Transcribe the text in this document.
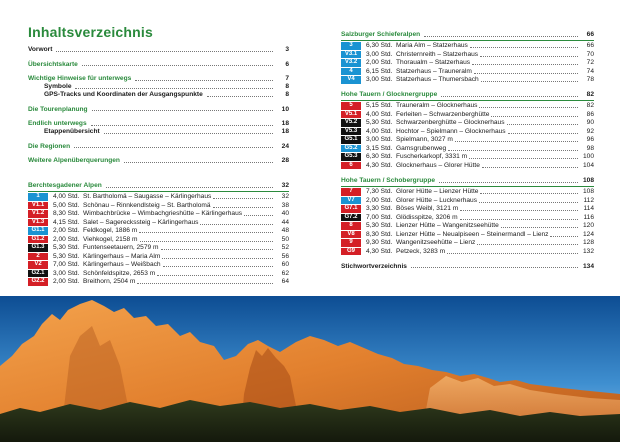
Inhaltsverzeichnis
Vorwort	3
Übersichtskarte	6
Wichtige Hinweise für unterwegs	7
Symbole	8
GPS-Tracks und Koordinaten der Ausgangspunkte	8
Die Tourenplanung	10
Endlich unterwegs	18
Etappenübersicht	18
Die Regionen	24
Weitere Alpenüberquerungen	28
Berchtesgadener Alpen	32
1	4,00 Std. St. Bartholomä – Saugasse – Kärlingerhaus	32
V1.1	5,00 Std. Schönau – Rinnkendlsteig – St. Bartholomä	38
V1.2	8,30 Std. Wimbachbrücke – Wimbachgrieshütte – Kärlingerhaus	40
V1.3	4,15 Std. Salet – Sagereckssteig – Kärlingerhaus	44
G1.1	2,00 Std. Feldkogel, 1886 m	48
G1.2	2,00 Std. Viehkogel, 2158 m	50
G1.3	5,30 Std. Funtenseetauern, 2579 m	52
2	5,30 Std. Kärlingerhaus – Maria Alm	56
V2	7,00 Std. Kärlingerhaus – Weißbach	60
G2.1	3,00 Std. Schönfeldspitze, 2653 m	62
G2.2	2,00 Std. Breithorn, 2504 m	64
Salzburger Schieferalpen	66
3	6,30 Std. Maria Alm – Statzerhaus	66
V3.1	3,00 Std. Christernreith – Statzerhaus	70
V3.2	2,00 Std. Thoraualm – Statzerhaus	72
4	6,15 Std. Statzerhaus – Trauneralm	74
V4	3,00 Std. Statzerhaus – Thumersbach	78
Hohe Tauern / Glocknergruppe	82
5	5,15 Std. Trauneralm – Glocknerhaus	82
V5.1	4,00 Std. Ferleiten – Schwarzenberghütte	86
V5.2	5,30 Std. Schwarzenberghütte – Glocknerhaus	90
V5.3	4,00 Std. Hochtor – Spielmann – Glocknerhaus	92
G5.1	3,00 Std. Spielmann, 3027 m	96
G5.2	3,15 Std. Gamsgrubenweg	98
G5.3	6,30 Std. Fuscherkarkopf, 3331 m	100
6	4,30 Std. Glocknerhaus – Glorer Hütte	104
Hohe Tauern / Schobergruppe	108
7	7,30 Std. Glorer Hütte – Lienzer Hütte	108
V7	2,00 Std. Glorer Hütte – Lucknerhaus	112
G7.1	3,30 Std. Böses Weibl, 3121 m	114
G7.2	7,00 Std. Glödisspitze, 3206 m	116
8	5,30 Std. Lienzer Hütte – Wangenitzseehütte	120
V8	8,30 Std. Lienzer Hütte – Neualpiseen – Steinermandl – Lienz	124
9	9,30 Std. Wangenitzseehütte – Lienz	128
G9	4,30 Std. Petzeck, 3283 m	132
Stichwortverzeichnis	134
